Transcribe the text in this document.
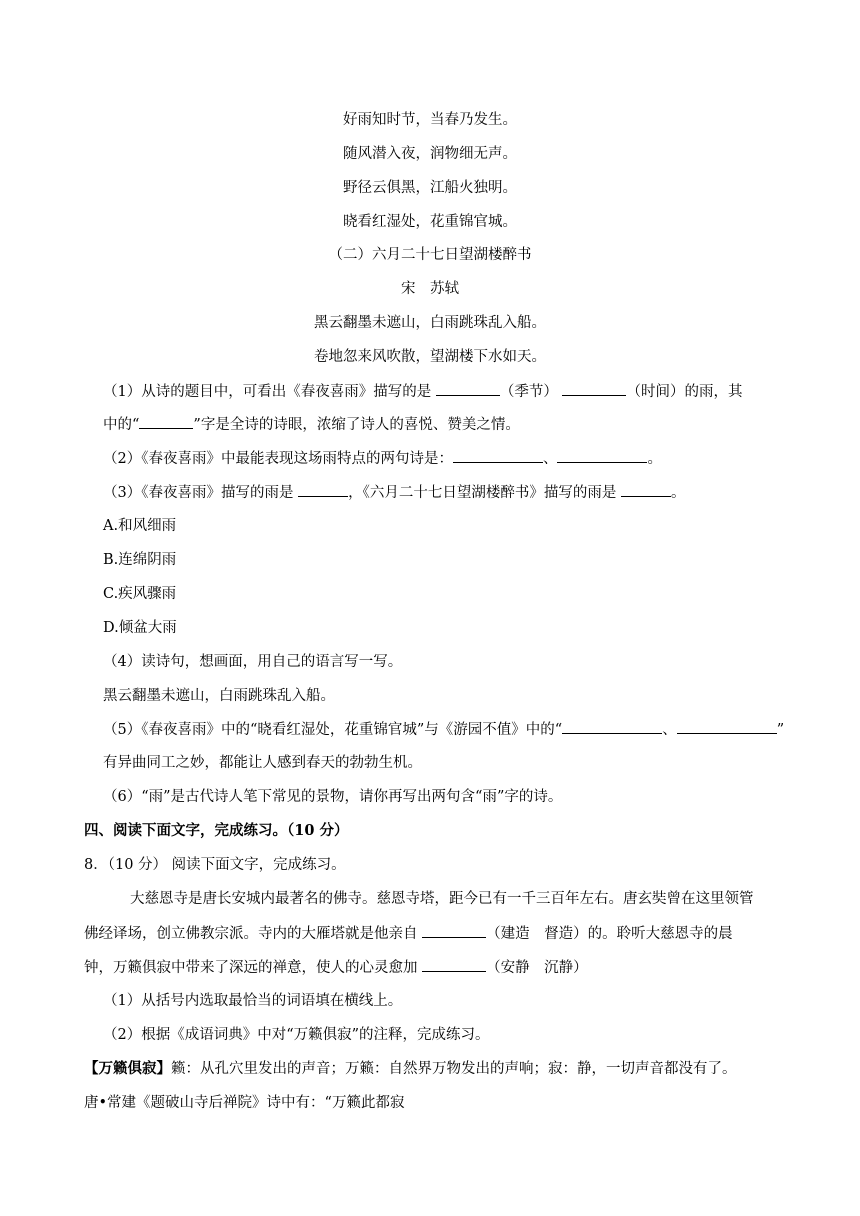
好雨知时节，当春乃发生。
随风潜入夜，润物细无声。
野径云俱黑，江船火独明。
晓看红湿处，花重锦官城。
（二）六月二十七日望湖楼醉书
宋　苏轼
黑云翻墨未遮山，白雨跳珠乱入船。
卷地忽来风吹散，望湖楼下水如天。
（1）从诗的题目中，可看出《春夜喜雨》描写的是	（季节）	（时间）的雨，其
中的“	”字是全诗的诗眼，浓缩了诗人的喜悦、赞美之情。
（2）《春夜喜雨》中最能表现这场雨特点的两句诗是：	、	。
（3）《春夜喜雨》描写的雨是	，《六月二十七日望湖楼醉书》描写的雨是	。
A.和风细雨
B.连绵阴雨
C.疾风骤雨
D.倾盆大雨
（4）读诗句，想画面，用自己的语言写一写。
黑云翻墨未遮山，白雨跳珠乱入船。
（5）《春夜喜雨》中的“晓看红湿处，花重锦官城”与《游园不值》中的“	、	”
有异曲同工之妙，都能让人感到春天的勃勃生机。
（6）“雨”是古代诗人笔下常见的景物，请你再写出两句含“雨”字的诗。
四、阅读下面文字，完成练习。（10 分）
8．（10 分） 阅读下面文字，完成练习。
大慈恩寺是唐长安城内最著名的佛寺。慈恩寺塔，距今已有一千三百年左右。唐玄奘曾在这里领管
佛经译场，创立佛教宗派。寺内的大雁塔就是他亲自	（建造　督造）的。聆听大慈恩寺的晨
钟，万籁俱寂中带来了深远的禅意，使人的心灵愈加	（安静　沉静）
（1）从括号内选取最恰当的词语填在横线上。
（2）根据《成语词典》中对“万籁俱寂”的注释，完成练习。
【万籁俱寂】籁：从孔穴里发出的声音；万籁：自然界万物发出的声响；寂：静，一切声音都没有了。
唐•常建《题破山寺后禅院》诗中有：“万籁此都寂
